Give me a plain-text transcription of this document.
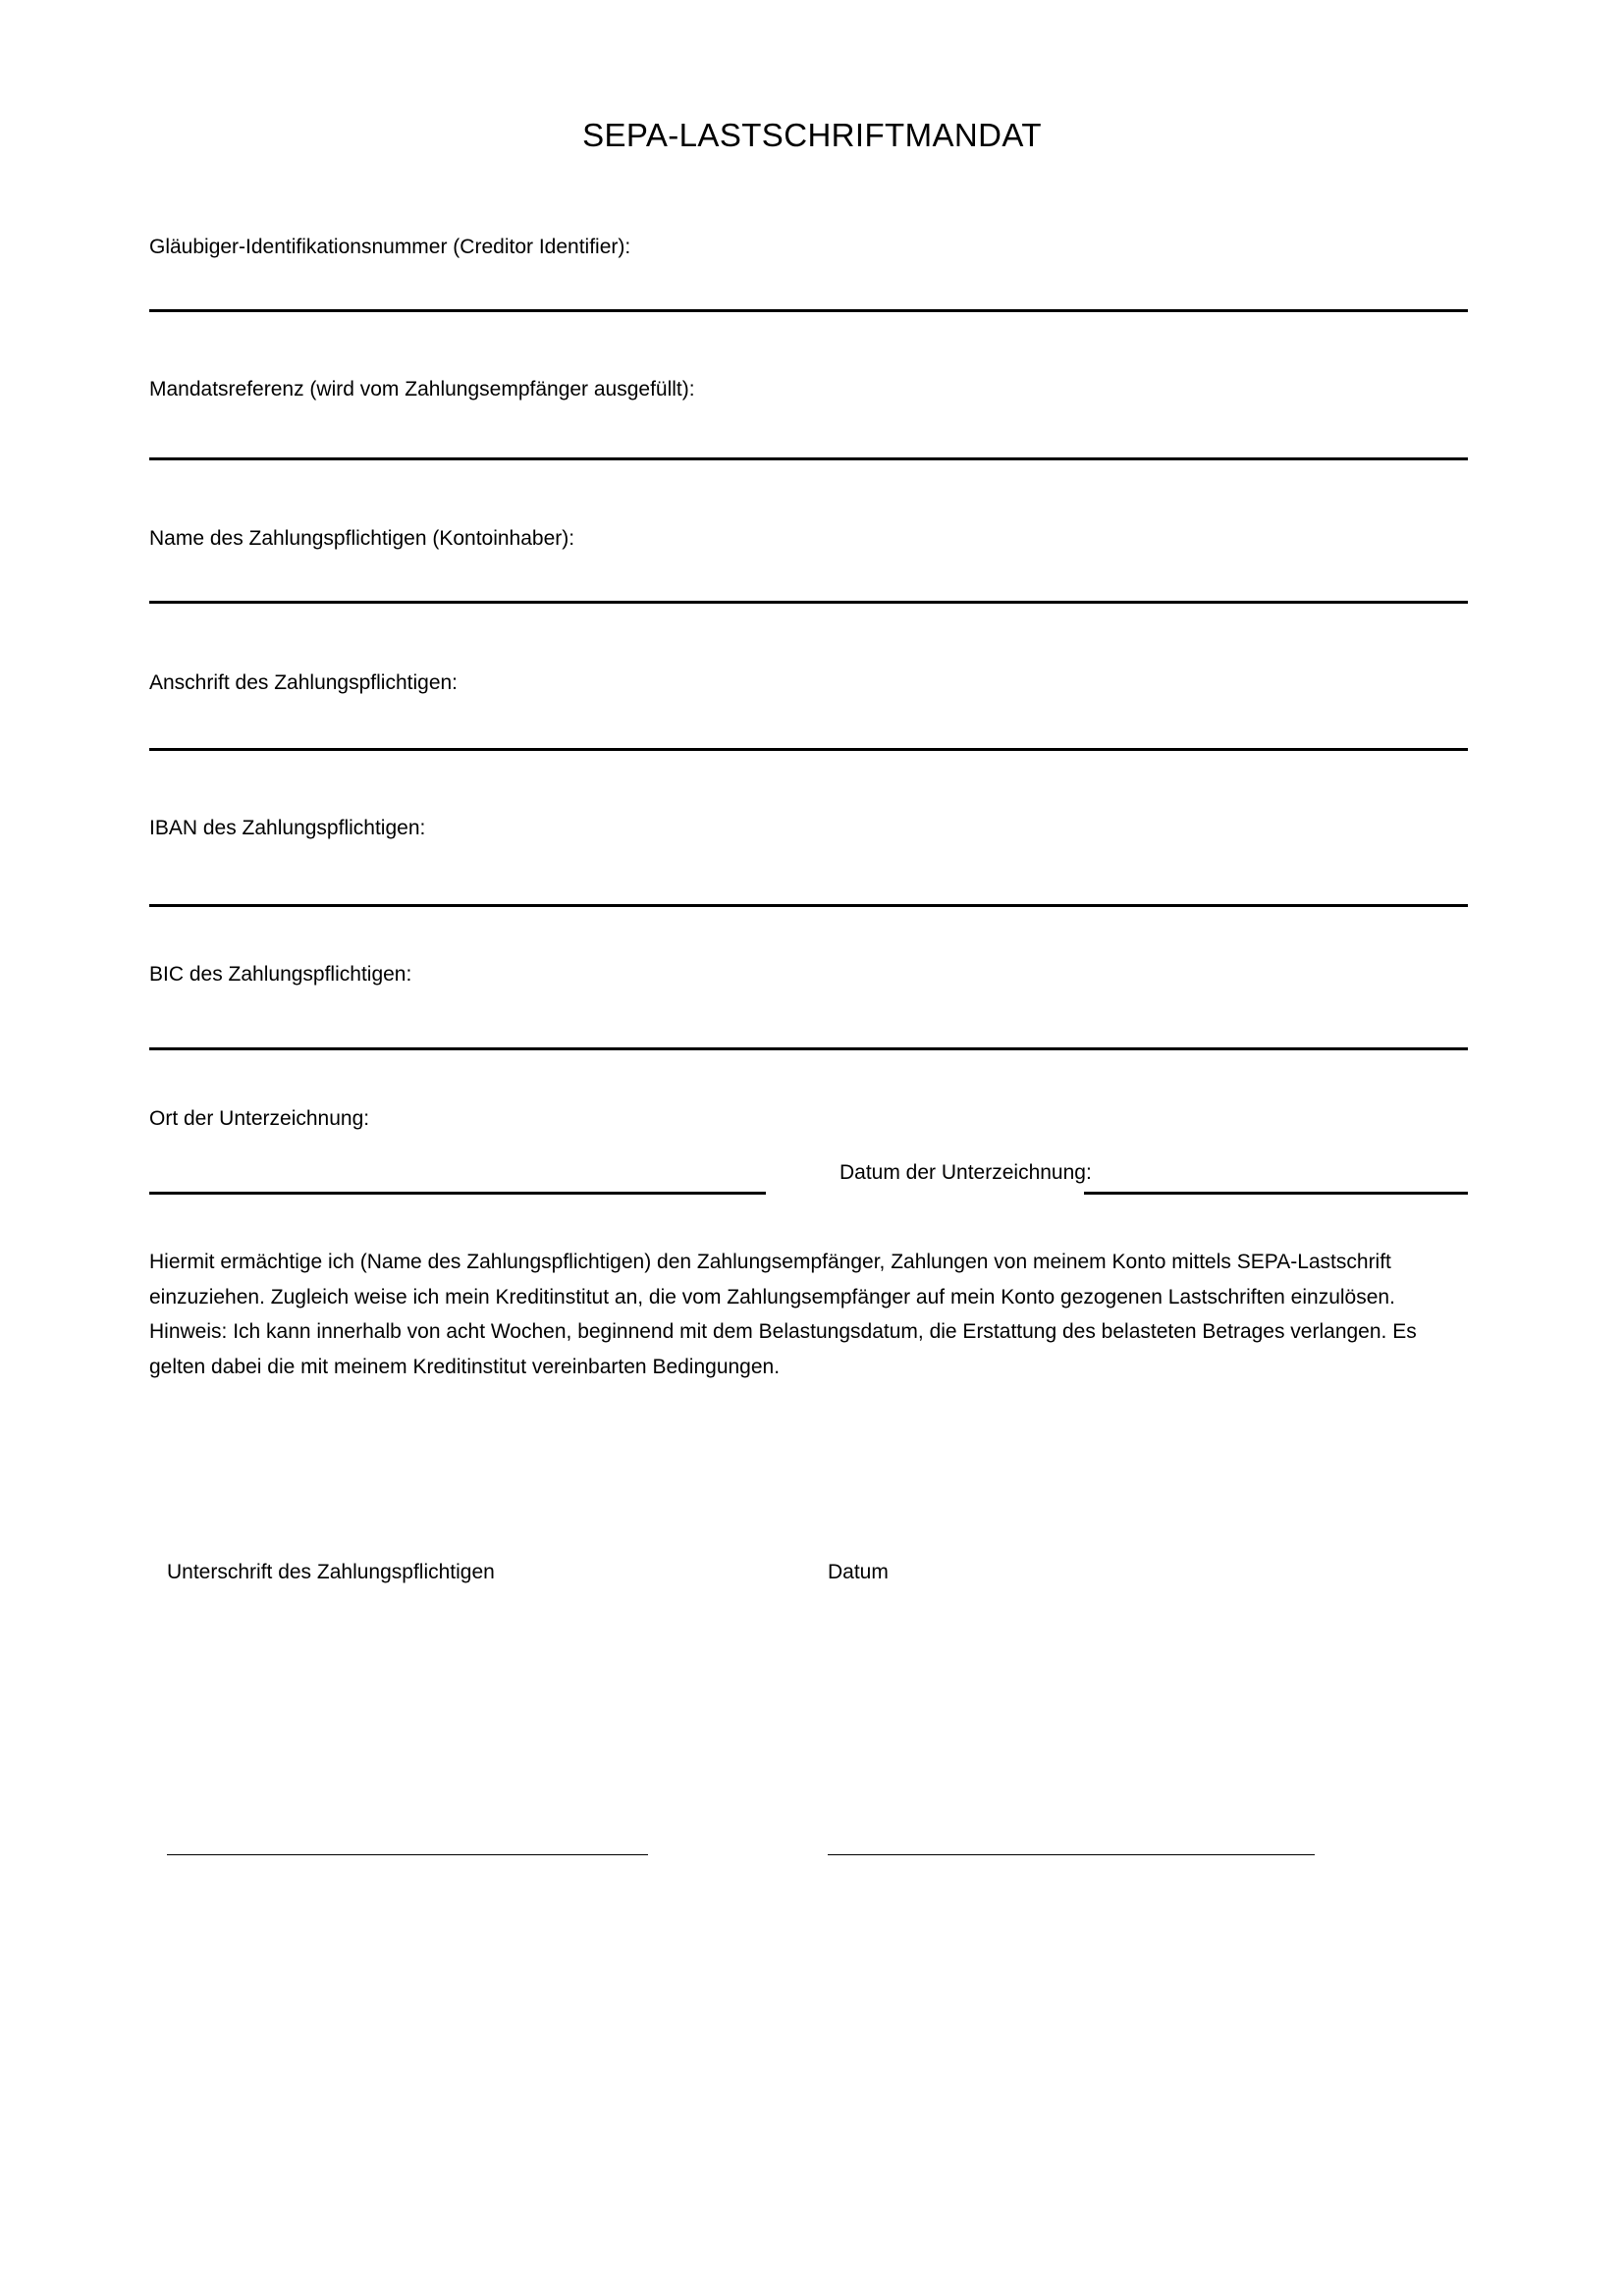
SEPA-LASTSCHRIFTMANDAT
Gläubiger-Identifikationsnummer (Creditor Identifier):
Mandatsreferenz (wird vom Zahlungsempfänger ausgefüllt):
Name des Zahlungspflichtigen (Kontoinhaber):
Anschrift des Zahlungspflichtigen:
IBAN des Zahlungspflichtigen:
BIC des Zahlungspflichtigen:
Ort der Unterzeichnung:
Datum der Unterzeichnung:

Hiermit ermächtige ich (Name des Zahlungspflichtigen) den Zahlungsempfänger, Zahlungen von meinem Konto mittels SEPA-Lastschrift einzuziehen. Zugleich weise ich mein Kreditinstitut an, die vom Zahlungsempfänger auf mein Konto gezogenen Lastschriften einzulösen. Hinweis: Ich kann innerhalb von acht Wochen, beginnend mit dem Belastungsdatum, die Erstattung des belasteten Betrages verlangen. Es gelten dabei die mit meinem Kreditinstitut vereinbarten Bedingungen.

Unterschrift des Zahlungspflichtigen	Datum
